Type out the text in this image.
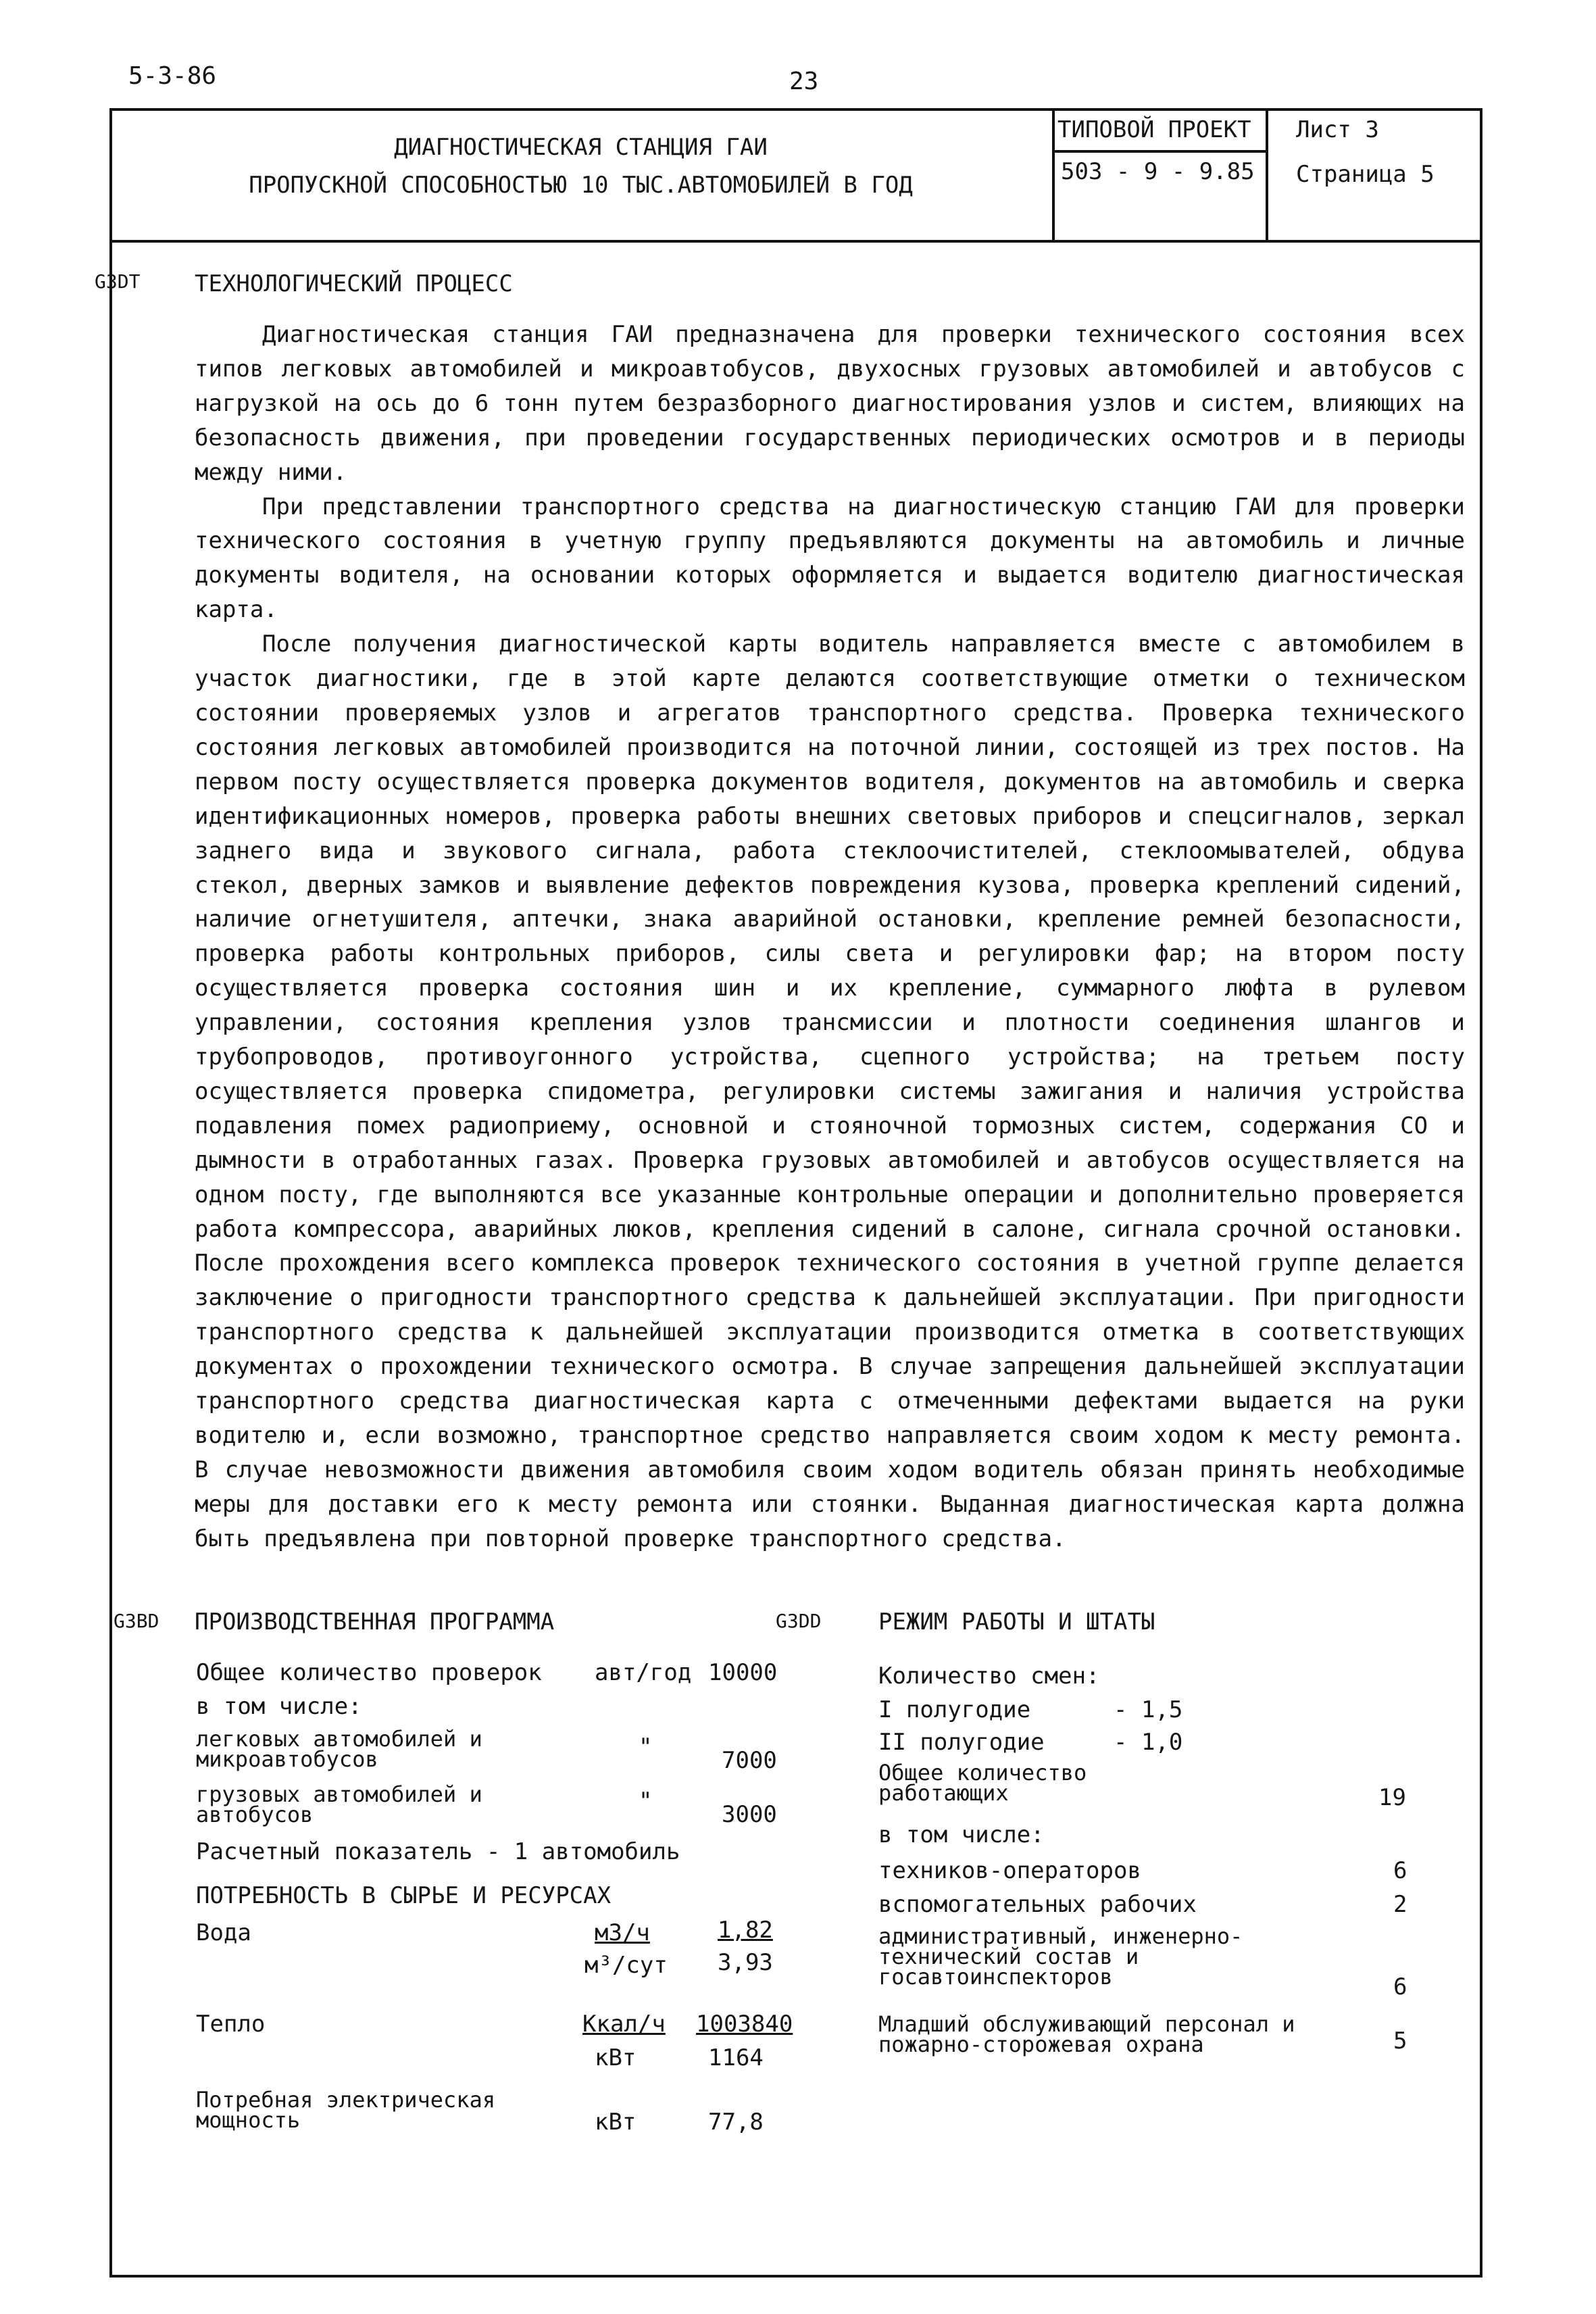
5-3-86	23
ДИАГНОСТИЧЕСКАЯ СТАНЦИЯ ГАИ
ПРОПУСКНОЙ СПОСОБНОСТЬЮ 10 ТЫС.АВТОМОБИЛЕЙ В ГОД
ТИПОВОЙ ПРОЕКТ
503 - 9 - 9.85
Лист 3
Страница 5
G3DT ТЕХНОЛОГИЧЕСКИЙ ПРОЦЕСС

Диагностическая станция ГАИ предназначена для проверки технического состояния всех типов легковых автомобилей и микроавтобусов, двухосных грузовых автомобилей и автобусов с нагрузкой на ось до 6 тонн путем безразборного диагностирования узлов и систем, влияющих на безопасность движения, при проведении государственных периодических осмотров и в периоды между ними.

При представлении транспортного средства на диагностическую станцию ГАИ для проверки технического состояния в учетную группу предъявляются документы на автомобиль и личные документы водителя, на основании которых оформляется и выдается водителю диагностическая карта.

После получения диагностической карты водитель направляется вместе с автомобилем в участок диагностики, где в этой карте делаются соответствующие отметки о техническом состоянии проверяемых узлов и агрегатов транспортного средства. Проверка технического состояния легковых автомобилей производится на поточной линии, состоящей из трех постов. На первом посту осуществляется проверка документов водителя, документов на автомобиль и сверка идентификационных номеров, проверка работы внешних световых приборов и спецсигналов, зеркал заднего вида и звукового сигнала, работа стеклоочистителей, стеклоомывателей, обдува стекол, дверных замков и выявление дефектов повреждения кузова, проверка креплений сидений, наличие огнетушителя, аптечки, знака аварийной остановки, крепление ремней безопасности, проверка работы контрольных приборов, силы света и регулировки фар; на втором посту осуществляется проверка состояния шин и их крепление, суммарного люфта в рулевом управлении, состояния крепления узлов трансмиссии и плотности соединения шлангов и трубопроводов, противоугонного устройства, сцепного устройства; на третьем посту осуществляется проверка спидометра, регулировки системы зажигания и наличия устройства подавления помех радиоприему, основной и стояночной тормозных систем, содержания СО и дымности в отработанных газах. Проверка грузовых автомобилей и автобусов осуществляется на одном посту, где выполняются все указанные контрольные операции и дополнительно проверяется работа компрессора, аварийных люков, крепления сидений в салоне, сигнала срочной остановки. После прохождения всего комплекса проверок технического состояния в учетной группе делается заключение о пригодности транспортного средства к дальнейшей эксплуатации. При пригодности транспортного средства к дальнейшей эксплуатации производится отметка в соответствующих документах о прохождении технического осмотра. В случае запрещения дальнейшей эксплуатации транспортного средства диагностическая карта с отмеченными дефектами выдается на руки водителю и, если возможно, транспортное средство направляется своим ходом к месту ремонта. В случае невозможности движения автомобиля своим ходом водитель обязан принять необходимые меры для доставки его к месту ремонта или стоянки. Выданная диагностическая карта должна быть предъявлена при повторной проверке транспортного средства.

G3BD ПРОИЗВОДСТВЕННАЯ ПРОГРАММА
Общее количество проверок авт/год 10000
в том числе:
легковых автомобилей и микроавтобусов	"	7000
грузовых автомобилей и автобусов	"	3000
Расчетный показатель - 1 автомобиль
ПОТРЕБНОСТЬ В СЫРЬЕ И РЕСУРСАХ
Вода	м3/ч	1,82
м³/сут 3,93
Тепло	Ккал/ч 1003840
кВт	1164
Потребная электрическая мощность	кВт	77,8
G3DD РЕЖИМ РАБОТЫ И ШТАТЫ
Количество смен:
I полугодие	- 1,5
II полугодие	- 1,0
Общее количество работающих	19
в том числе:
техников-операторов	6
вспомогательных рабочих	2
административный, инженерно-технический состав и госавтоинспекторов	6
Младший обслуживающий персонал и пожарно-сторожевая охрана	5
